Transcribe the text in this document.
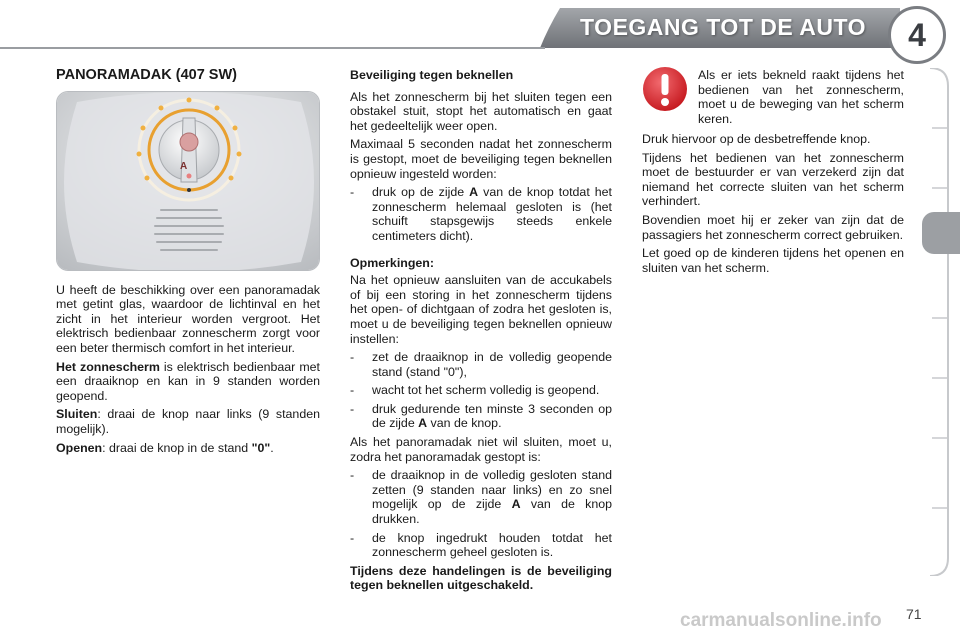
TOEGANG TOT DE AUTO	4
PANORAMADAK (407 SW)
A
U heeft de beschikking over een panoramadak met getint glas, waardoor de lichtinval en het zicht in het interieur worden vergroot. Het elektrisch bedienbaar zonnescherm zorgt voor een beter thermisch comfort in het interieur.
Het zonnescherm is elektrisch bedienbaar met een draaiknop en kan in 9 standen worden geopend.
Sluiten: draai de knop naar links (9 standen mogelijk).
Openen: draai de knop in de stand "0".
Beveiliging tegen beknellen
Als het zonnescherm bij het sluiten tegen een obstakel stuit, stopt het automatisch en gaat het gedeeltelijk weer open.
Maximaal 5 seconden nadat het zonnescherm is gestopt, moet de beveiliging tegen beknellen opnieuw ingesteld worden:
-	druk op de zijde A van de knop totdat het zonnescherm helemaal gesloten is (het schuift stapsgewijs steeds enkele centimeters dicht).
Opmerkingen:
Na het opnieuw aansluiten van de accukabels of bij een storing in het zonnescherm tijdens het open- of dichtgaan of zodra het gesloten is, moet u de beveiliging tegen beknellen opnieuw instellen:
-	zet de draaiknop in de volledig geopende stand (stand "0"),
-	wacht tot het scherm volledig is geopend.
-	druk gedurende ten minste 3 seconden op de zijde A van de knop.
Als het panoramadak niet wil sluiten, moet u, zodra het panoramadak gestopt is:
-	de draaiknop in de volledig gesloten stand zetten (9 standen naar links) en zo snel mogelijk op de zijde A van de knop drukken.
-	de knop ingedrukt houden totdat het zonnescherm geheel gesloten is.
Tijdens deze handelingen is de beveiliging tegen beknellen uitgeschakeld.
Als er iets bekneld raakt tijdens het bedienen van het zonnescherm, moet u de beweging van het scherm keren.
Druk hiervoor op de desbetreffende knop.
Tijdens het bedienen van het zonnescherm moet de bestuurder er van verzekerd zijn dat niemand het correcte sluiten van het scherm verhindert.
Bovendien moet hij er zeker van zijn dat de passagiers het zonnescherm correct gebruiken.
Let goed op de kinderen tijdens het openen en sluiten van het scherm.
carmanualsonline.info 71
